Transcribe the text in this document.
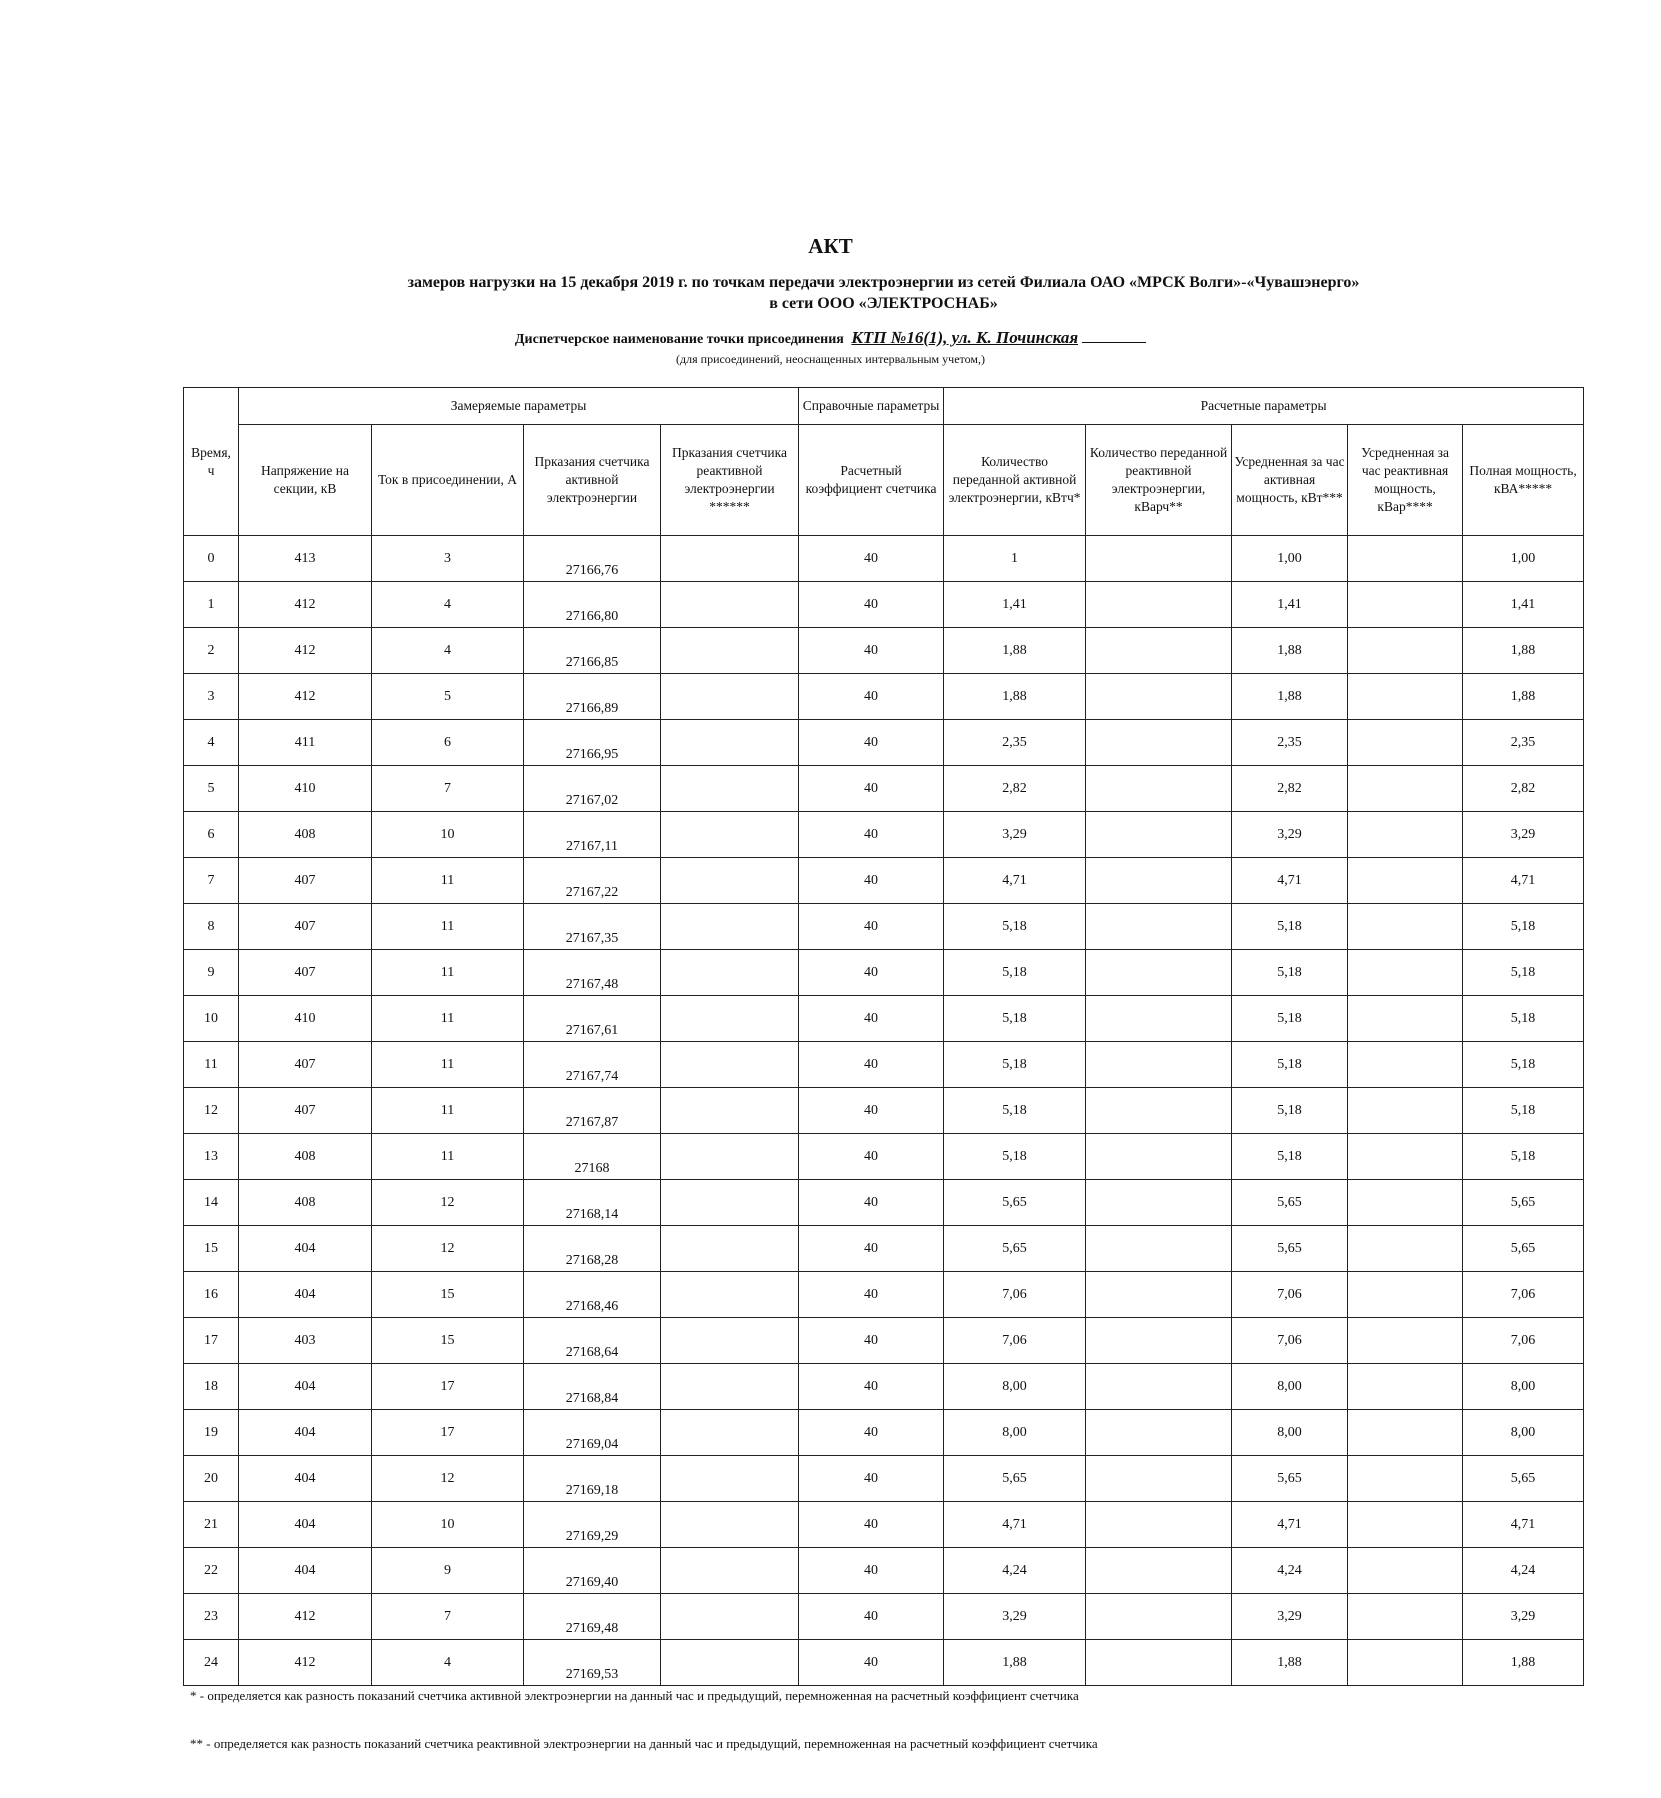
АКТ
замеров нагрузки на 15 декабря 2019 г. по точкам передачи электроэнергии из сетей Филиала ОАО «МРСК Волги»-«Чувашэнерго»
в сети ООО «ЭЛЕКТРОСНАБ»
Диспетчерское наименование точки присоединения КТП №16(1), ул. К. Починская
(для присоединений, неоснащенных интервальным учетом,)
Время, ч	Замеряемые параметры				Справочные параметры	Расчетные параметры				
	Напряжение на секции, кВ	Ток в присоединении, А	Прказания счетчика активной электроэнергии	Прказания счетчика реактивной электроэнергии ******	Расчетный коэффициент счетчика	Количество переданной активной электроэнергии, кВтч*	Количество переданной реактивной электроэнергии, кВарч**	Усредненная за час активная мощность, кВт***	Усредненная за час реактивная мощность, кВар****	Полная мощность, кВА*****
0	413	3	27166,76		40	1		1,00		1,00
1	412	4	27166,80		40	1,41		1,41		1,41
2	412	4	27166,85		40	1,88		1,88		1,88
3	412	5	27166,89		40	1,88		1,88		1,88
4	411	6	27166,95		40	2,35		2,35		2,35
5	410	7	27167,02		40	2,82		2,82		2,82
6	408	10	27167,11		40	3,29		3,29		3,29
7	407	11	27167,22		40	4,71		4,71		4,71
8	407	11	27167,35		40	5,18		5,18		5,18
9	407	11	27167,48		40	5,18		5,18		5,18
10	410	11	27167,61		40	5,18		5,18		5,18
11	407	11	27167,74		40	5,18		5,18		5,18
12	407	11	27167,87		40	5,18		5,18		5,18
13	408	11	27168		40	5,18		5,18		5,18
14	408	12	27168,14		40	5,65		5,65		5,65
15	404	12	27168,28		40	5,65		5,65		5,65
16	404	15	27168,46		40	7,06		7,06		7,06
17	403	15	27168,64		40	7,06		7,06		7,06
18	404	17	27168,84		40	8,00		8,00		8,00
19	404	17	27169,04		40	8,00		8,00		8,00
20	404	12	27169,18		40	5,65		5,65		5,65
21	404	10	27169,29		40	4,71		4,71		4,71
22	404	9	27169,40		40	4,24		4,24		4,24
23	412	7	27169,48		40	3,29		3,29		3,29
24	412	4	27169,53		40	1,88		1,88		1,88

* - определяется как разность показаний счетчика активной электроэнергии на данный час и предыдущий, перемноженная на расчетный коэффициент счетчика

** - определяется как разность показаний счетчика реактивной электроэнергии на данный час и предыдущий, перемноженная на расчетный коэффициент счетчика
